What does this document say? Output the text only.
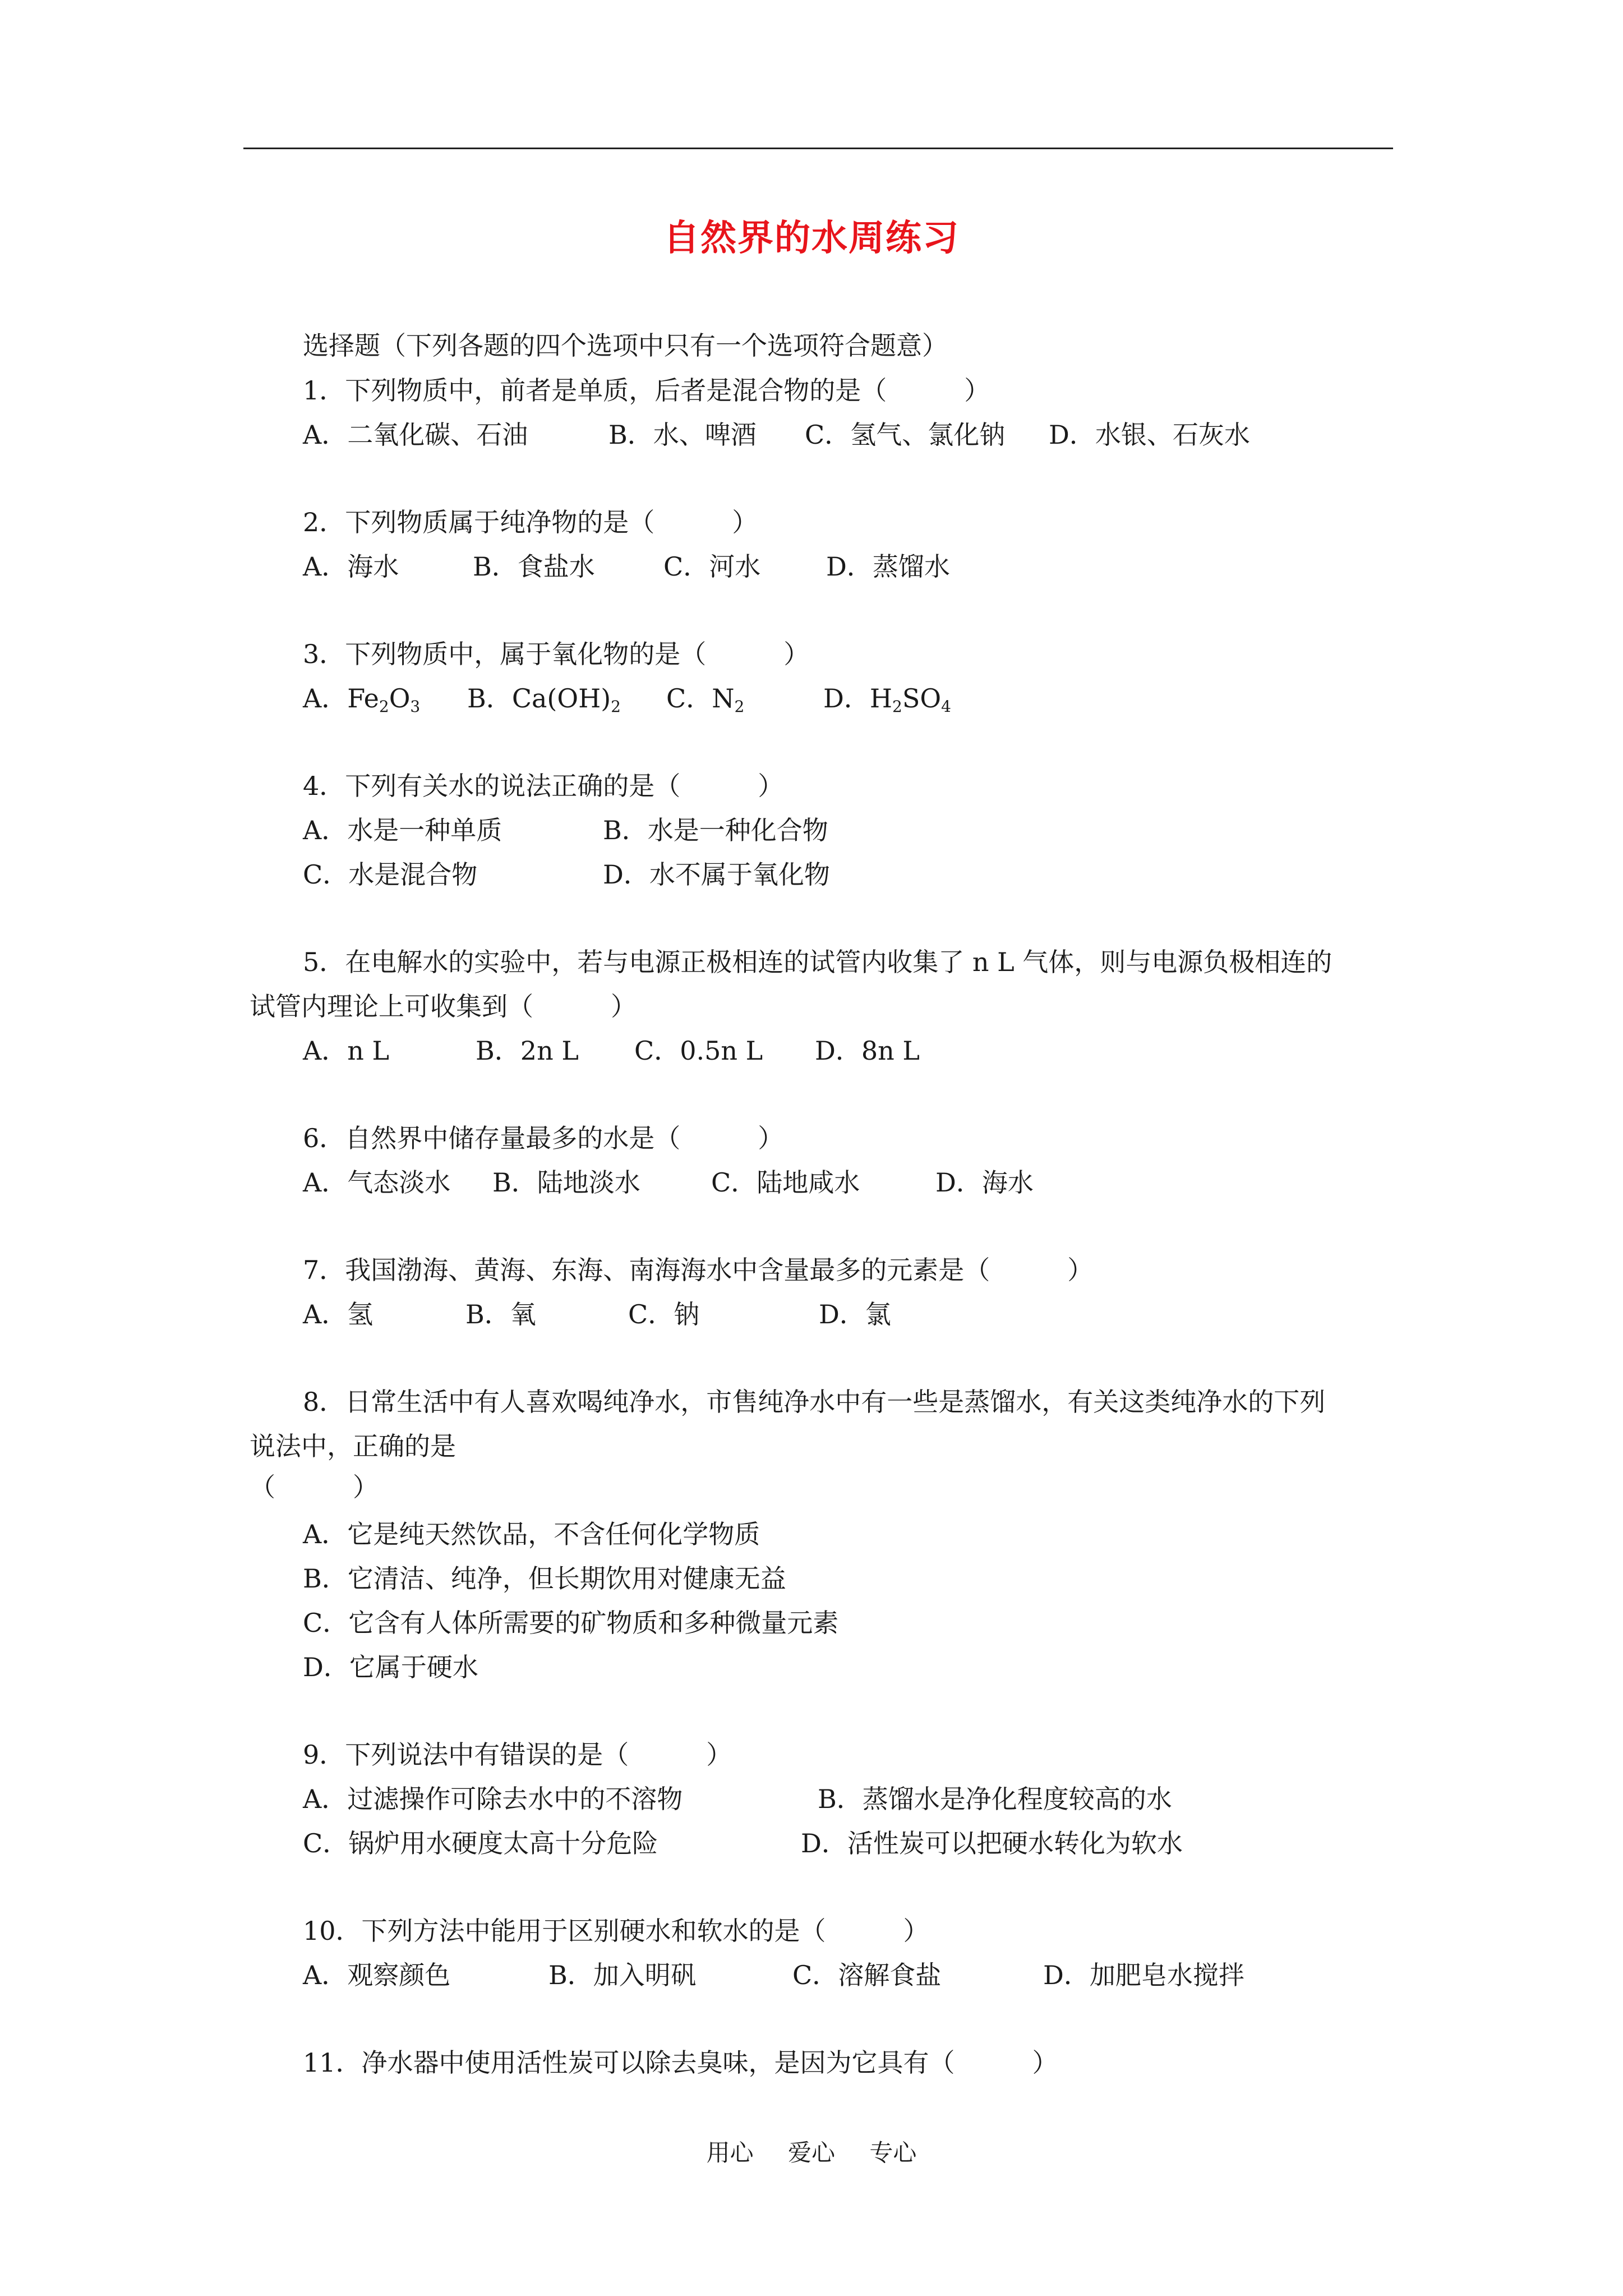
自然界的水周练习
选择题（下列各题的四个选项中只有一个选项符合题意）
1．下列物质中，前者是单质，后者是混合物的是（　　　）
A．二氧化碳、石油	B．水、啤酒 C．氢气、氯化钠 D．水银、石灰水
2．下列物质属于纯净物的是（　　　）
A．海水	B．食盐水	C．河水	D．蒸馏水
3．下列物质中，属于氧化物的是（　　　）
A．$Fe_2O_3$ B．$Ca(OH)_2$ C．$N_2$	D．$H_2SO_4$
4．下列有关水的说法正确的是（　　　）
A．水是一种单质	B．水是一种化合物
C．水是混合物	D．水不属于氧化物
5．在电解水的实验中，若与电源正极相连的试管内收集了 n L 气体，则与电源负极相连的
试管内理论上可收集到（　　　）
A．n L	B．2n L C．0.5n L D．8n L
6．自然界中储存量最多的水是（　　　）
A．气态淡水 B．陆地淡水	C．陆地咸水	D．海水
7．我国渤海、黄海、东海、南海海水中含量最多的元素是（　　　）
A．氢	B．氧	C．钠	D．氯
8．日常生活中有人喜欢喝纯净水，市售纯净水中有一些是蒸馏水，有关这类纯净水的下列
说法中，正确的是
（　　　）
A．它是纯天然饮品，不含任何化学物质
B．它清洁、纯净，但长期饮用对健康无益
C．它含有人体所需要的矿物质和多种微量元素
D．它属于硬水
9．下列说法中有错误的是（　　　）
A．过滤操作可除去水中的不溶物	B．蒸馏水是净化程度较高的水
C．锅炉用水硬度太高十分危险	D．活性炭可以把硬水转化为软水
10．下列方法中能用于区别硬水和软水的是（　　　）
A．观察颜色	B．加入明矾	C．溶解食盐	D．加肥皂水搅拌
11．净水器中使用活性炭可以除去臭味，是因为它具有（　　　）
用心 爱心 专心
